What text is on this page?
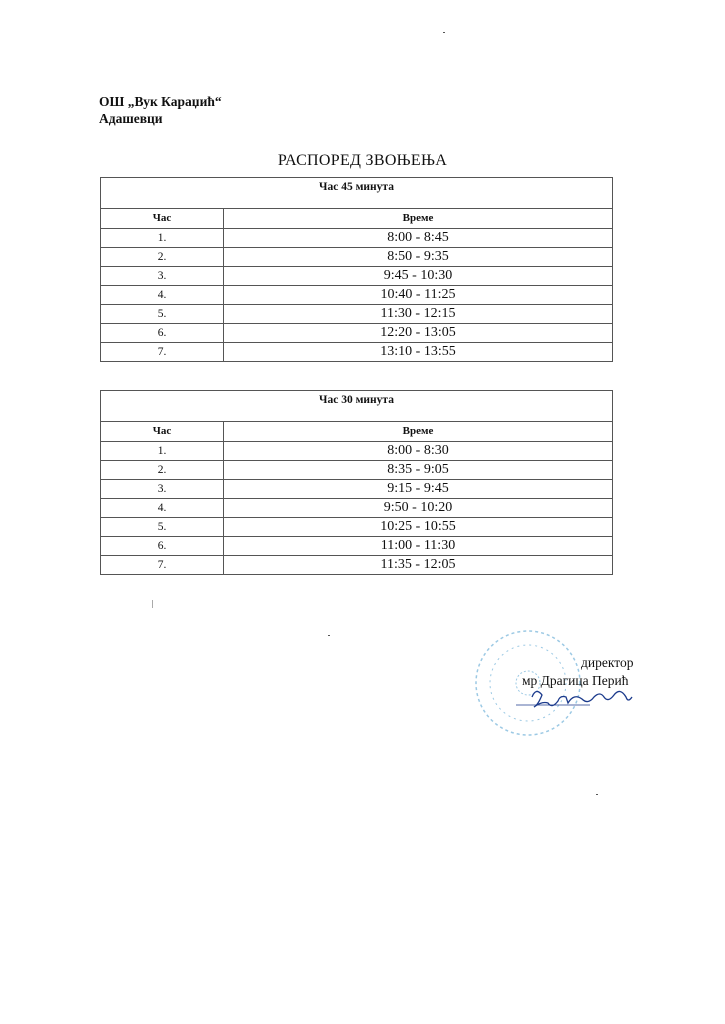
ОШ „Вук Караџић“
Адашевци
РАСПОРЕД ЗВОЊЕЊА
Час 45 минута	
Час	Време
1.	8:00 - 8:45
2.	8:50 - 9:35
3.	9:45 - 10:30
4.	10:40 - 11:25
5.	11:30 - 12:15
6.	12:20 - 13:05
7.	13:10 - 13:55
Час 30 минута	
Час	Време
1.	8:00 - 8:30
2.	8:35 - 9:05
3.	9:15 - 9:45
4.	9:50 - 10:20
5.	10:25 - 10:55
6.	11:00 - 11:30
7.	11:35 - 12:05
директор
мр Драгица Перић
